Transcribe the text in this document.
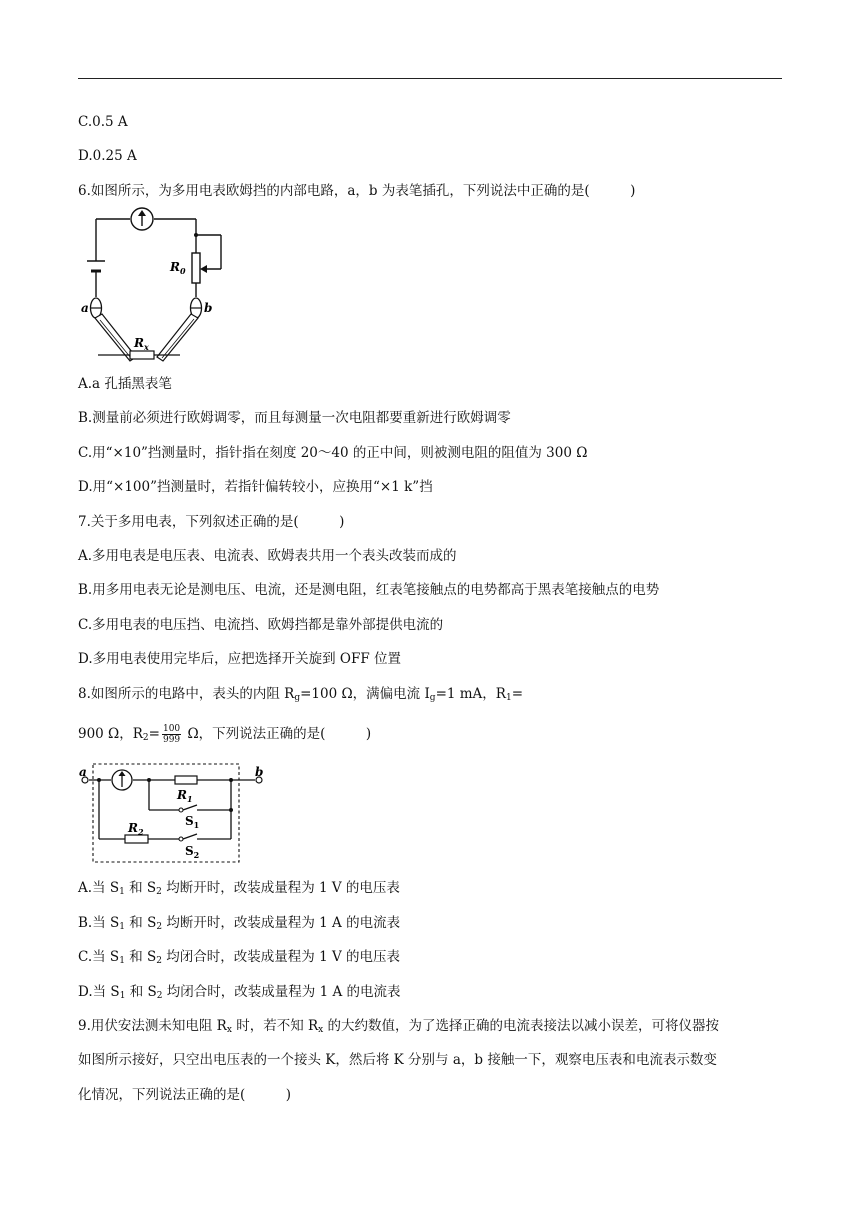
C.0.5 A
D.0.25 A
6.如图所示，为多用电表欧姆挡的内部电路，a，b 为表笔插孔，下列说法中正确的是(　　　)
$R_0$
a	b
$R_x$
A.a 孔插黑表笔
B.测量前必须进行欧姆调零，而且每测量一次电阻都要重新进行欧姆调零
C.用“×10”挡测量时，指针指在刻度 20～40 的正中间，则被测电阻的阻值为 300 Ω
D.用“×100”挡测量时，若指针偏转较小，应换用“×1 k”挡
7.关于多用电表，下列叙述正确的是(　　　)
A.多用电表是电压表、电流表、欧姆表共用一个表头改装而成的
B.用多用电表无论是测电压、电流，还是测电阻，红表笔接触点的电势都高于黑表笔接触点的电势
C.多用电表的电压挡、电流挡、欧姆挡都是靠外部提供电流的
D.多用电表使用完毕后，应把选择开关旋到 OFF 位置
8.如图所示的电路中，表头的内阻 $R_g=100$ Ω，满偏电流 $I_g=1$ mA，$R_1=$
900 Ω，$R_2= \frac{100}{999}$ Ω，下列说法正确的是(　　　)
a	b
$R_1$
$S_1$
$R_2$
$S_2$
A.当 $S_1$ 和 $S_2$ 均断开时，改装成量程为 1 V 的电压表
B.当 $S_1$ 和 $S_2$ 均断开时，改装成量程为 1 A 的电流表
C.当 $S_1$ 和 $S_2$ 均闭合时，改装成量程为 1 V 的电压表
D.当 $S_1$ 和 $S_2$ 均闭合时，改装成量程为 1 A 的电流表
9.用伏安法测未知电阻 $R_x$ 时，若不知 $R_x$ 的大约数值，为了选择正确的电流表接法以减小误差，可将仪器按
如图所示接好，只空出电压表的一个接头 K，然后将 K 分别与 a，b 接触一下，观察电压表和电流表示数变
化情况，下列说法正确的是(　　　)
